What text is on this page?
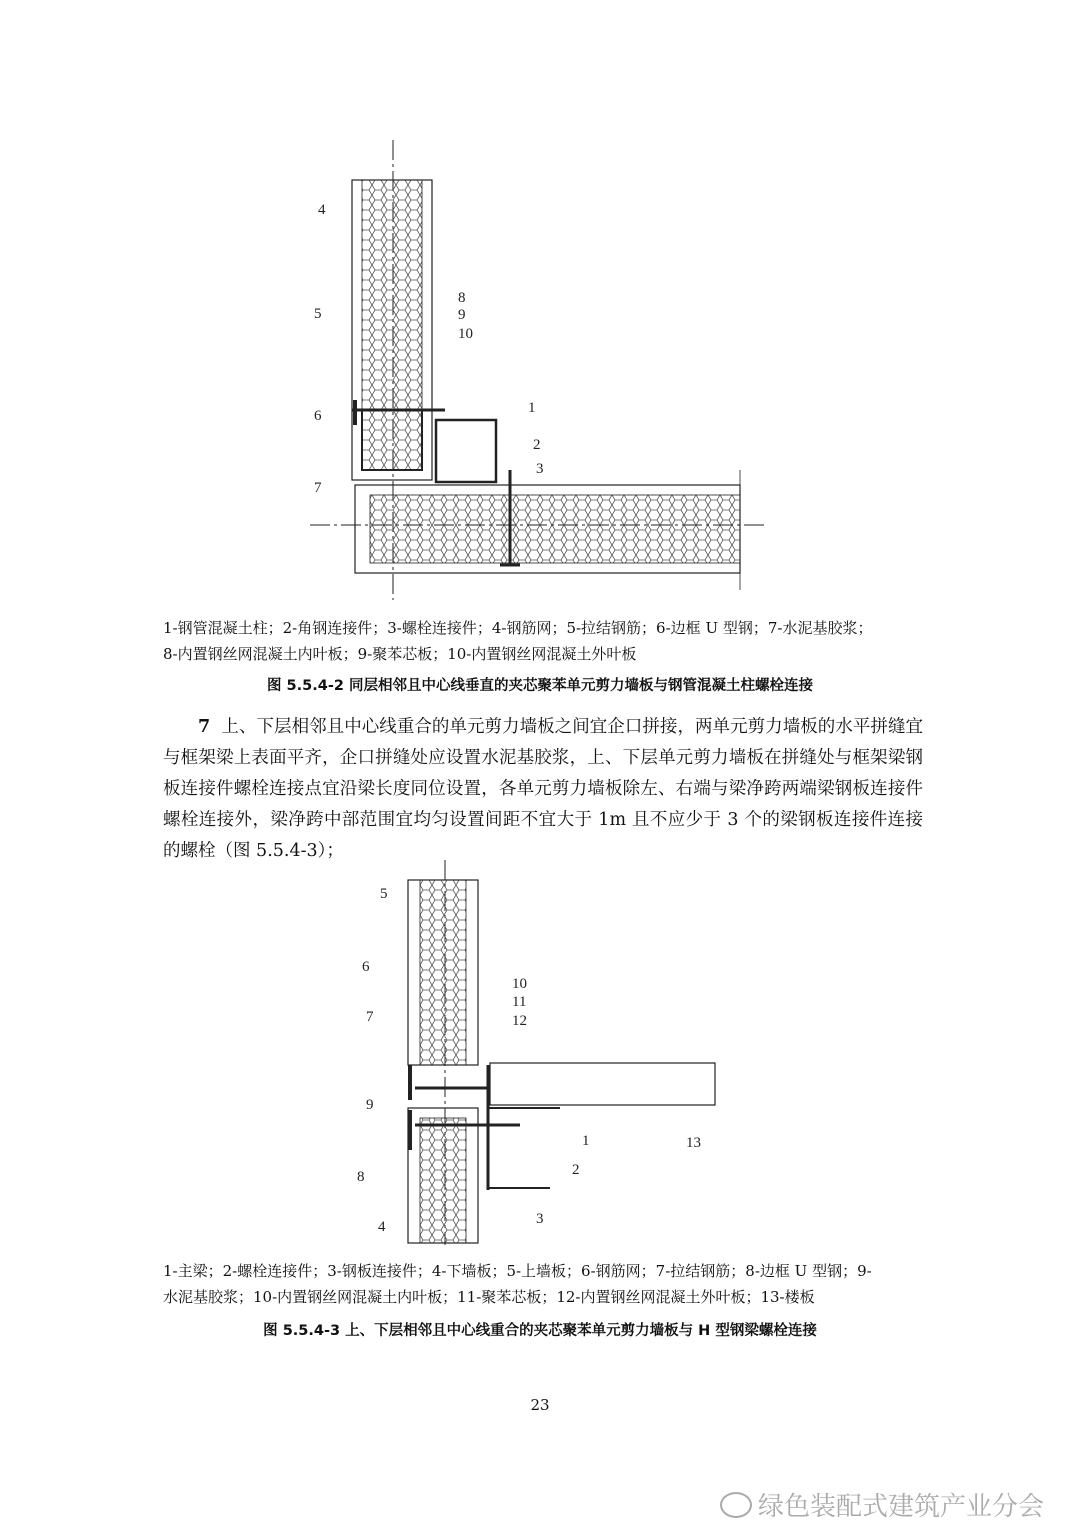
4
5
8
9
10
6	1
2
3
7
5
6
7
10
11
12
9
8
4
1
2
3
13
1-钢管混凝土柱；2-角钢连接件；3-螺栓连接件；4-钢筋网；5-拉结钢筋；6-边框 U 型钢；7-水泥基胶浆；
8-内置钢丝网混凝土内叶板；9-聚苯芯板；10-内置钢丝网混凝土外叶板
图 5.5.4-2 同层相邻且中心线垂直的夹芯聚苯单元剪力墙板与钢管混凝土柱螺栓连接
7 上、下层相邻且中心线重合的单元剪力墙板之间宜企口拼接，两单元剪力墙板的水平拼缝宜与框架梁上表面平齐，企口拼缝处应设置水泥基胶浆，上、下层单元剪力墙板在拼缝处与框架梁钢板连接件螺栓连接点宜沿梁长度同位设置，各单元剪力墙板除左、右端与梁净跨两端梁钢板连接件螺栓连接外，梁净跨中部范围宜均匀设置间距不宜大于 1m 且不应少于 3 个的梁钢板连接件连接的螺栓（图 5.5.4-3）；
1-主梁；2-螺栓连接件；3-钢板连接件；4-下墙板；5-上墙板；6-钢筋网；7-拉结钢筋；8-边框 U 型钢；9-
水泥基胶浆；10-内置钢丝网混凝土内叶板；11-聚苯芯板；12-内置钢丝网混凝土外叶板；13-楼板
图 5.5.4-3 上、下层相邻且中心线重合的夹芯聚苯单元剪力墙板与 H 型钢梁螺栓连接
23
绿色装配式建筑产业分会
